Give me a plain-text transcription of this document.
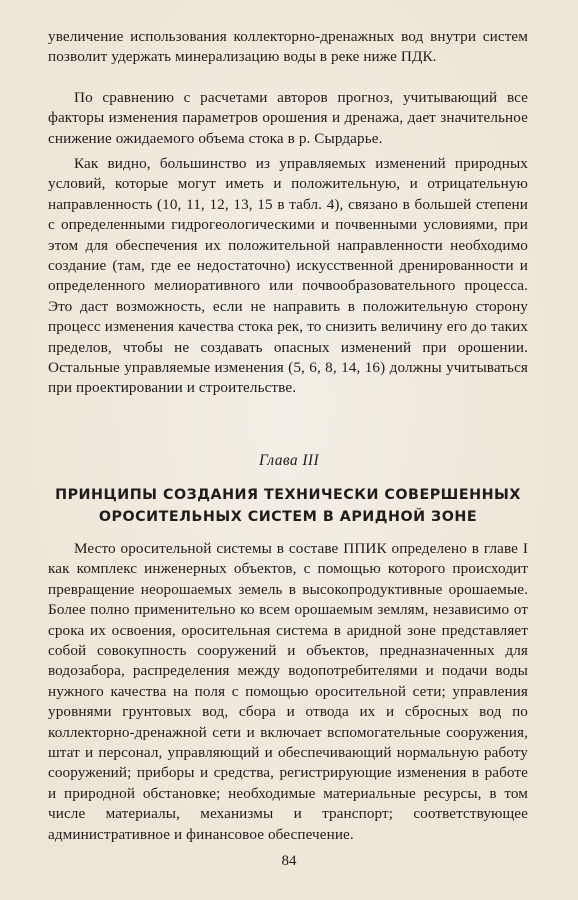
увеличение использования коллекторно-дренажных вод внутри систем позволит удержать минерализацию воды в реке ниже ПДК.

По сравнению с расчетами авторов прогноз, учитывающий все факторы изменения параметров орошения и дренажа, дает значительное снижение ожидаемого объема стока в р. Сырдарье.

Как видно, большинство из управляемых изменений природных условий, которые могут иметь и положительную, и отрицательную направленность (10, 11, 12, 13, 15 в табл. 4), связано в большей степени с определенными гидрогеологическими и почвенными условиями, при этом для обеспечения их положительной направленности необходимо создание (там, где ее недостаточно) искусственной дренированности и определенного мелиоративного или почвообразовательного процесса. Это даст возможность, если не направить в положительную сторону процесс изменения качества стока рек, то снизить величину его до таких пределов, чтобы не создавать опасных изменений при орошении. Остальные управляемые изменения (5, 6, 8, 14, 16) должны учитываться при проектировании и строительстве.

Глава III
ПРИНЦИПЫ СОЗДАНИЯ ТЕХНИЧЕСКИ СОВЕРШЕННЫХ ОРОСИТЕЛЬНЫХ СИСТЕМ В АРИДНОЙ ЗОНЕ

Место оросительной системы в составе ППИК определено в главе I как комплекс инженерных объектов, с помощью которого происходит превращение неорошаемых земель в высокопродуктивные орошаемые. Более полно применительно ко всем орошаемым землям, независимо от срока их освоения, оросительная система в аридной зоне представляет собой совокупность сооружений и объектов, предназначенных для водозабора, распределения между водопотребителями и подачи воды нужного качества на поля с помощью оросительной сети; управления уровнями грунтовых вод, сбора и отвода их и сбросных вод по коллекторно-дренажной сети и включает вспомогательные сооружения, штат и персонал, управляющий и обеспечивающий нормальную работу сооружений; приборы и средства, регистрирующие изменения в работе и природной обстановке; необходимые материальные ресурсы, в том числе материалы, механизмы и транспорт; соответствующее административное и финансовое обеспечение.

84
